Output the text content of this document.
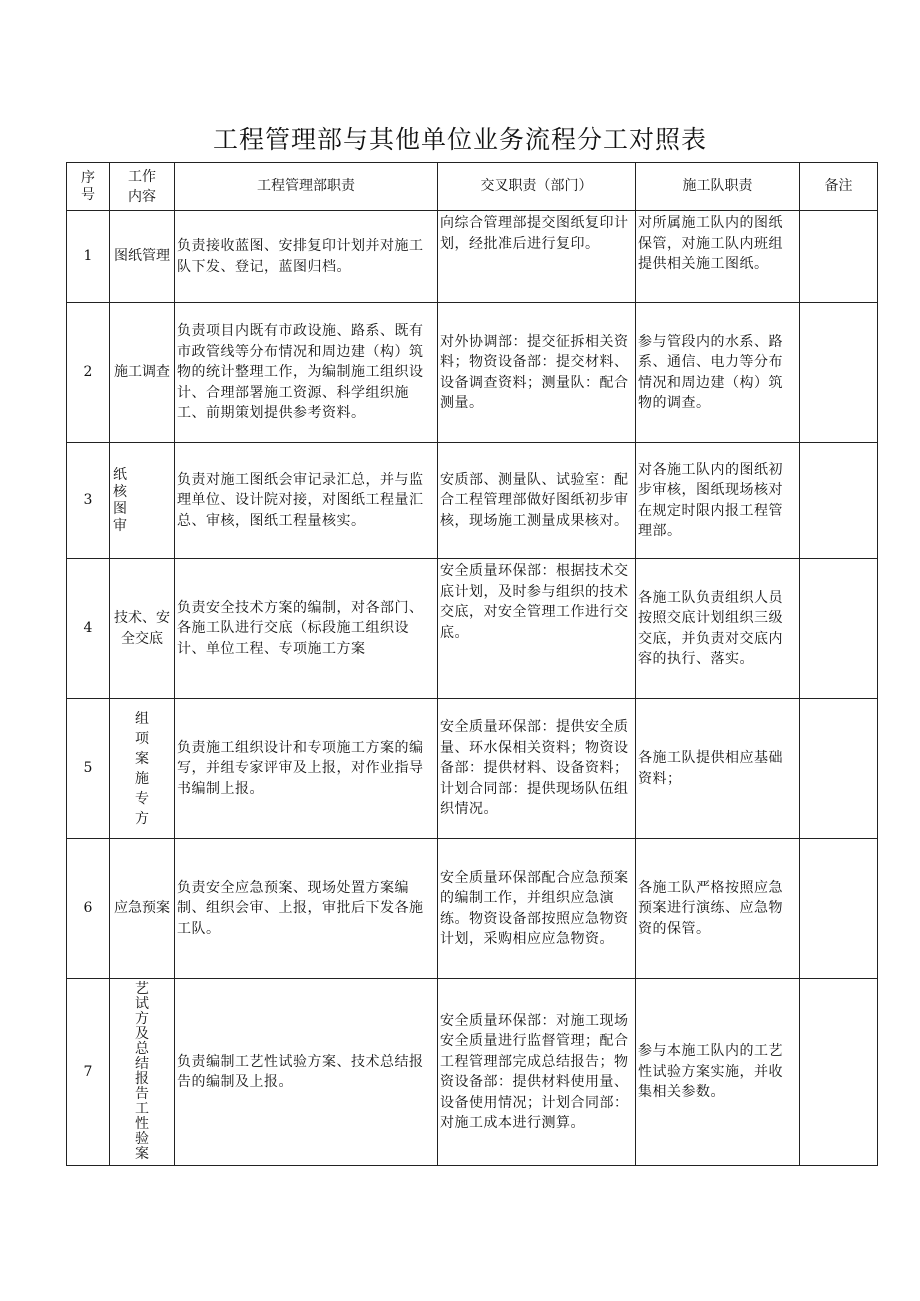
工程管理部与其他单位业务流程分工对照表
序号	工作内容	工程管理部职责	交叉职责（部门）	施工队职责	备注
1	图纸管理	负责接收蓝图、安排复印计划并对施工队下发、登记，蓝图归档。	向综合管理部提交图纸复印计划，经批准后进行复印。	对所属施工队内的图纸保管，对施工队内班组提供相关施工图纸。	
2	施工调查	负责项目内既有市政设施、路系、既有市政管线等分布情况和周边建（构）筑物的统计整理工作，为编制施工组织设计、合理部署施工资源、科学组织施工、前期策划提供参考资料。	对外协调部：提交征拆相关资料；物资设备部：提交材料、设备调查资料；测量队：配合测量。	参与管段内的水系、路系、通信、电力等分布情况和周边建（构）筑物的调查。	
3	纸核图审	负责对施工图纸会审记录汇总，并与监理单位、设计院对接，对图纸工程量汇总、审核，图纸工程量核实。	安质部、测量队、试验室：配合工程管理部做好图纸初步审核，现场施工测量成果核对。	对各施工队内的图纸初步审核，图纸现场核对在规定时限内报工程管理部。	
4	技术、安全交底	负责安全技术方案的编制，对各部门、各施工队进行交底（标段施工组织设计、单位工程、专项施工方案	安全质量环保部：根据技术交底计划，及时参与组织的技术交底，对安全管理工作进行交底。	各施工队负责组织人员按照交底计划组织三级交底，并负责对交底内容的执行、落实。	
5	组项案施专方	负责施工组织设计和专项施工方案的编写，并组专家评审及上报，对作业指导书编制上报。	安全质量环保部：提供安全质量、环水保相关资料；物资设备部：提供材料、设备资料；计划合同部：提供现场队伍组织情况。	各施工队提供相应基础资料；	
6	应急预案	负责安全应急预案、现场处置方案编制、组织会审、上报，审批后下发各施工队。	安全质量环保部配合应急预案的编制工作，并组织应急演练。物资设备部按照应急物资计划，采购相应应急物资。	各施工队严格按照应急预案进行演练、应急物资的保管。	
7	艺试方及总结报告工性验案	负责编制工艺性试验方案、技术总结报告的编制及上报。	安全质量环保部：对施工现场安全质量进行监督管理；配合工程管理部完成总结报告；物资设备部：提供材料使用量、设备使用情况；计划合同部：对施工成本进行测算。	参与本施工队内的工艺性试验方案实施，并收集相关参数。	
